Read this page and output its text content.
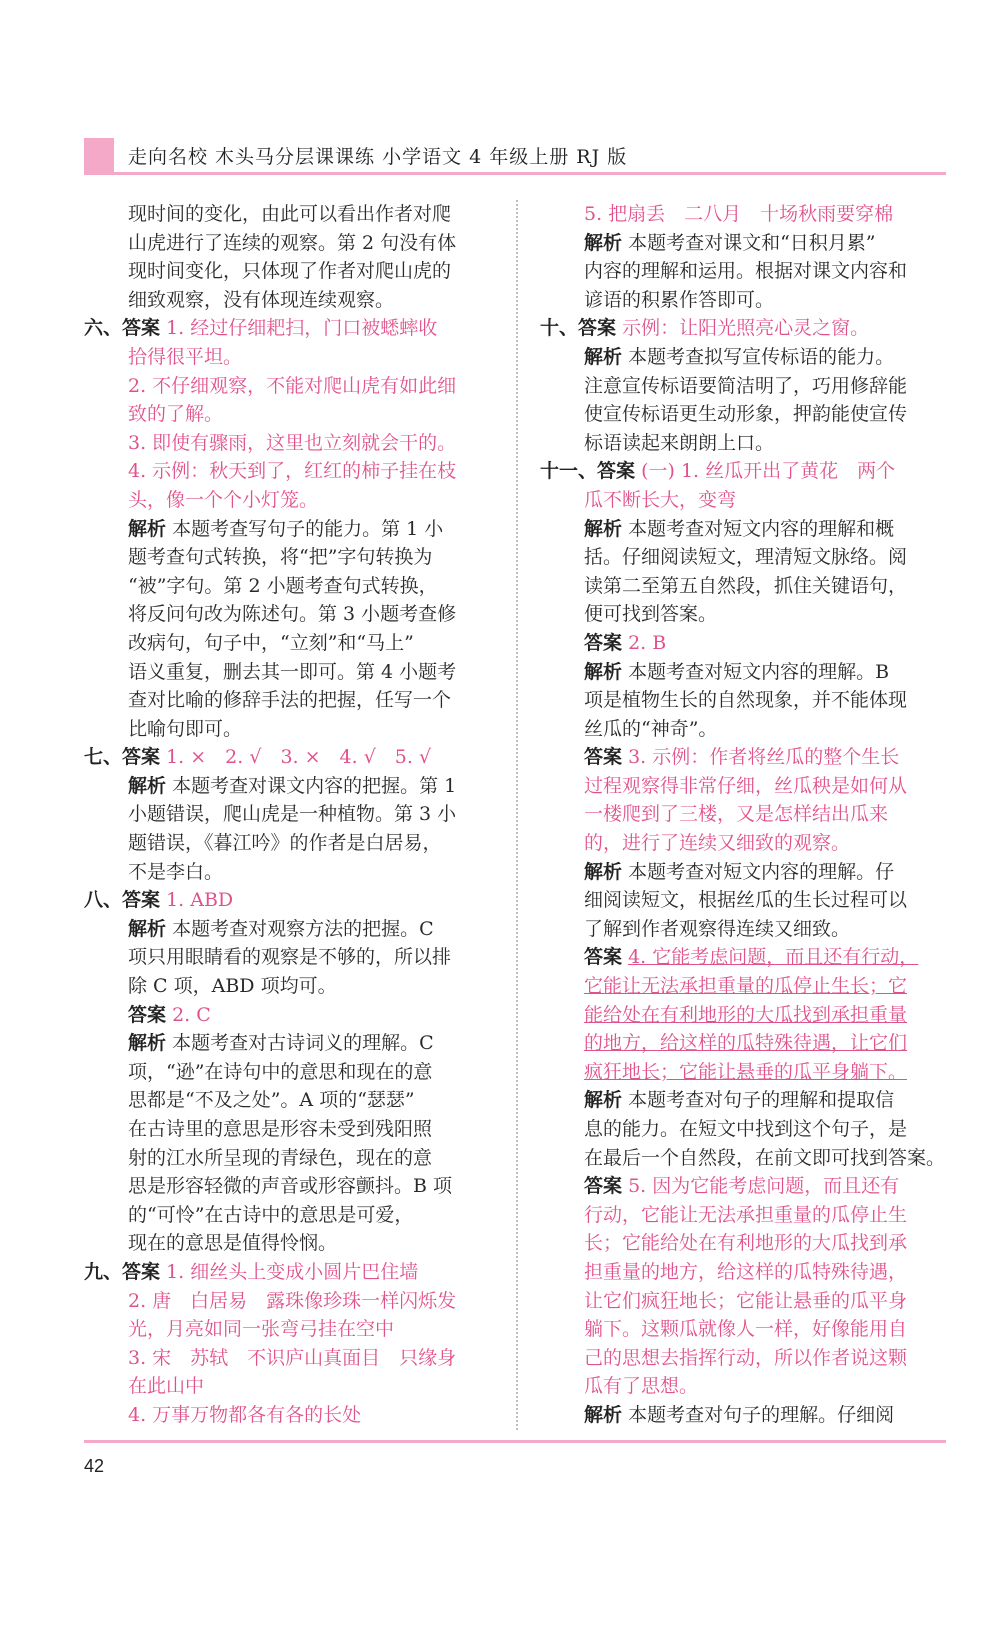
走向名校 木头马分层课课练 小学语文 4 年级上册 RJ 版
现时间的变化，由此可以看出作者对爬
山虎进行了连续的观察。第 2 句没有体
现时间变化，只体现了作者对爬山虎的
细致观察，没有体现连续观察。
六、答案 1. 经过仔细耙扫，门口被蟋蟀收
拾得很平坦。
2. 不仔细观察，不能对爬山虎有如此细
致的了解。
3. 即使有骤雨，这里也立刻就会干的。
4. 示例：秋天到了，红红的柿子挂在枝
头，像一个个小灯笼。
解析 本题考查写句子的能力。第 1 小
题考查句式转换，将“把”字句转换为
“被”字句。第 2 小题考查句式转换，
将反问句改为陈述句。第 3 小题考查修
改病句，句子中，“立刻”和“马上”
语义重复，删去其一即可。第 4 小题考
查对比喻的修辞手法的把握，任写一个
比喻句即可。
七、答案 1. ×　2. √　3. ×　4. √　5. √
解析 本题考查对课文内容的把握。第 1
小题错误，爬山虎是一种植物。第 3 小
题错误，《暮江吟》的作者是白居易，
不是李白。
八、答案 1. ABD
解析 本题考查对观察方法的把握。C
项只用眼睛看的观察是不够的，所以排
除 C 项，ABD 项均可。
答案 2. C
解析 本题考查对古诗词义的理解。C
项，“逊”在诗句中的意思和现在的意
思都是“不及之处”。A 项的“瑟瑟”
在古诗里的意思是形容未受到残阳照
射的江水所呈现的青绿色，现在的意
思是形容轻微的声音或形容颤抖。B 项
的“可怜”在古诗中的意思是可爱，
现在的意思是值得怜悯。
九、答案 1. 细丝头上变成小圆片巴住墙
2. 唐　白居易　露珠像珍珠一样闪烁发
光，月亮如同一张弯弓挂在空中
3. 宋　苏轼　不识庐山真面目　只缘身
在此山中
4. 万事万物都各有各的长处
5. 把扇丢　二八月　十场秋雨要穿棉
解析 本题考查对课文和“日积月累”
内容的理解和运用。根据对课文内容和
谚语的积累作答即可。
十、答案 示例：让阳光照亮心灵之窗。
解析 本题考查拟写宣传标语的能力。
注意宣传标语要简洁明了，巧用修辞能
使宣传标语更生动形象，押韵能使宣传
标语读起来朗朗上口。
十一、答案 (一) 1. 丝瓜开出了黄花　两个
瓜不断长大，变弯
解析 本题考查对短文内容的理解和概
括。仔细阅读短文，理清短文脉络。阅
读第二至第五自然段，抓住关键语句，
便可找到答案。
答案 2. B
解析 本题考查对短文内容的理解。B
项是植物生长的自然现象，并不能体现
丝瓜的“神奇”。
答案 3. 示例：作者将丝瓜的整个生长
过程观察得非常仔细，丝瓜秧是如何从
一楼爬到了三楼，又是怎样结出瓜来
的，进行了连续又细致的观察。
解析 本题考查对短文内容的理解。仔
细阅读短文，根据丝瓜的生长过程可以
了解到作者观察得连续又细致。
答案 4. 它能考虑问题，而且还有行动，
它能让无法承担重量的瓜停止生长；它
能给处在有利地形的大瓜找到承担重量
的地方，给这样的瓜特殊待遇，让它们
疯狂地长；它能让悬垂的瓜平身躺下。
解析 本题考查对句子的理解和提取信
息的能力。在短文中找到这个句子，是
在最后一个自然段，在前文即可找到答案。
答案 5. 因为它能考虑问题，而且还有
行动，它能让无法承担重量的瓜停止生
长；它能给处在有利地形的大瓜找到承
担重量的地方，给这样的瓜特殊待遇，
让它们疯狂地长；它能让悬垂的瓜平身
躺下。这颗瓜就像人一样，好像能用自
己的思想去指挥行动，所以作者说这颗
瓜有了思想。
解析 本题考查对句子的理解。仔细阅
42
